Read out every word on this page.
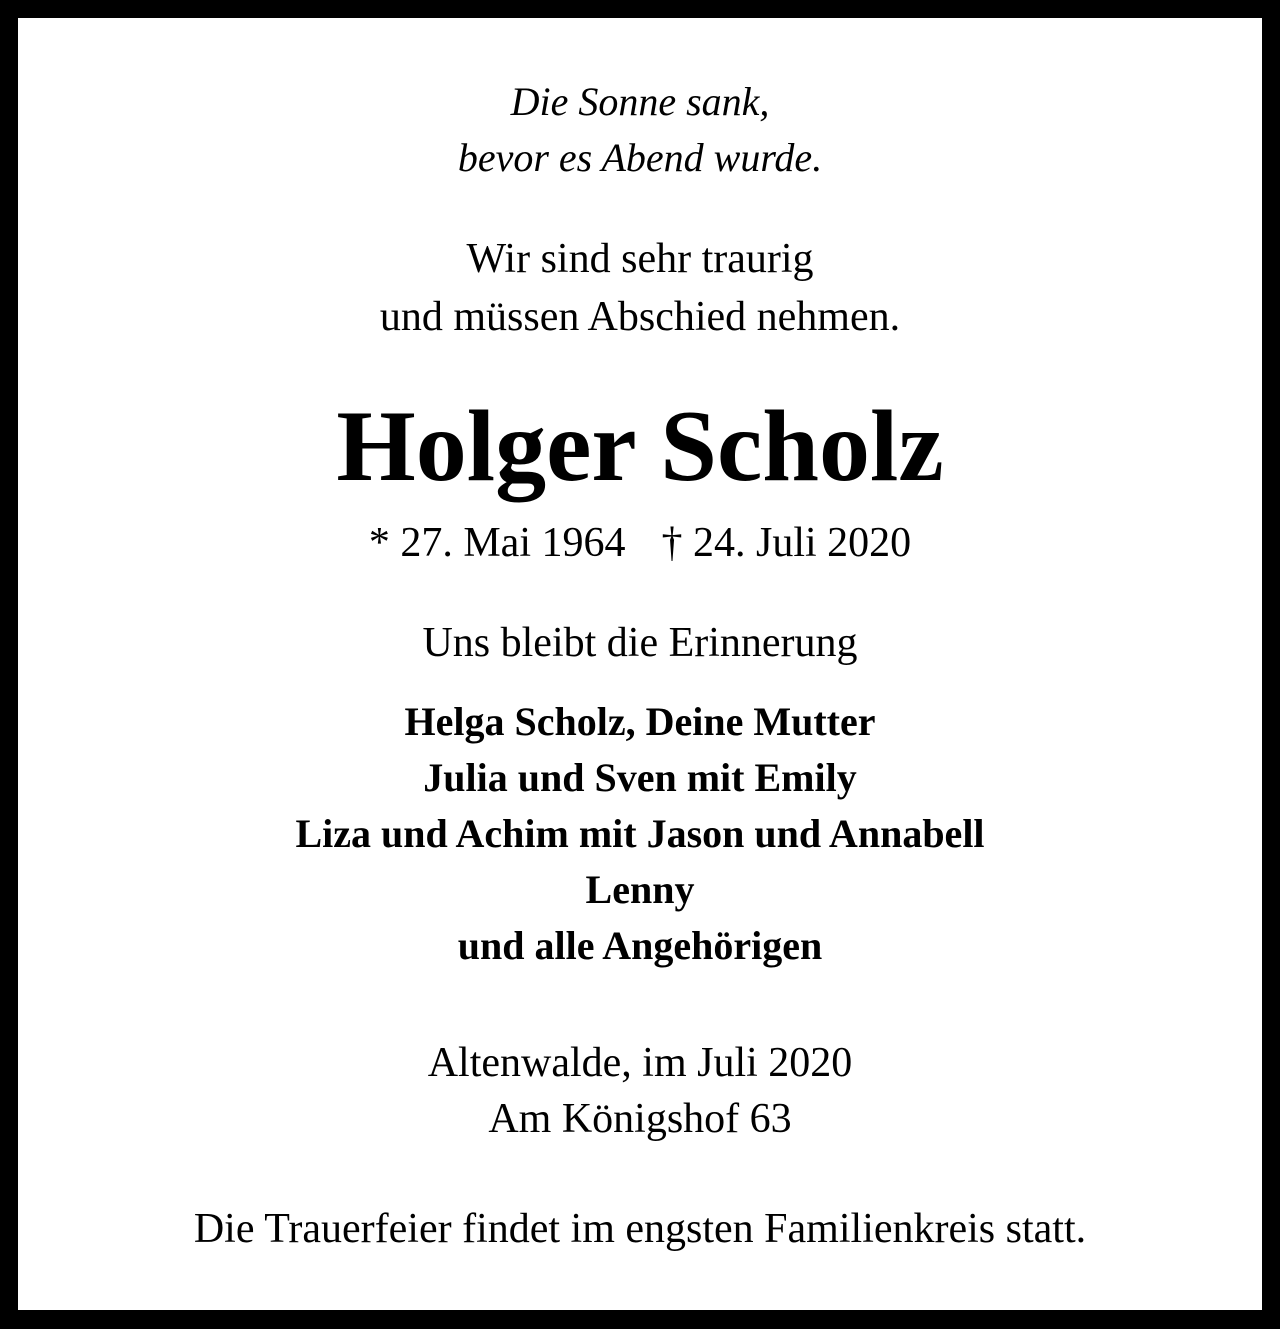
Die Sonne sank,
bevor es Abend wurde.
Wir sind sehr traurig
und müssen Abschied nehmen.
Holger Scholz
* 27. Mai 1964 † 24. Juli 2020
Uns bleibt die Erinnerung
Helga Scholz, Deine Mutter
Julia und Sven mit Emily
Liza und Achim mit Jason und Annabell
Lenny
und alle Angehörigen
Altenwalde, im Juli 2020
Am Königshof 63
Die Trauerfeier findet im engsten Familienkreis statt.
